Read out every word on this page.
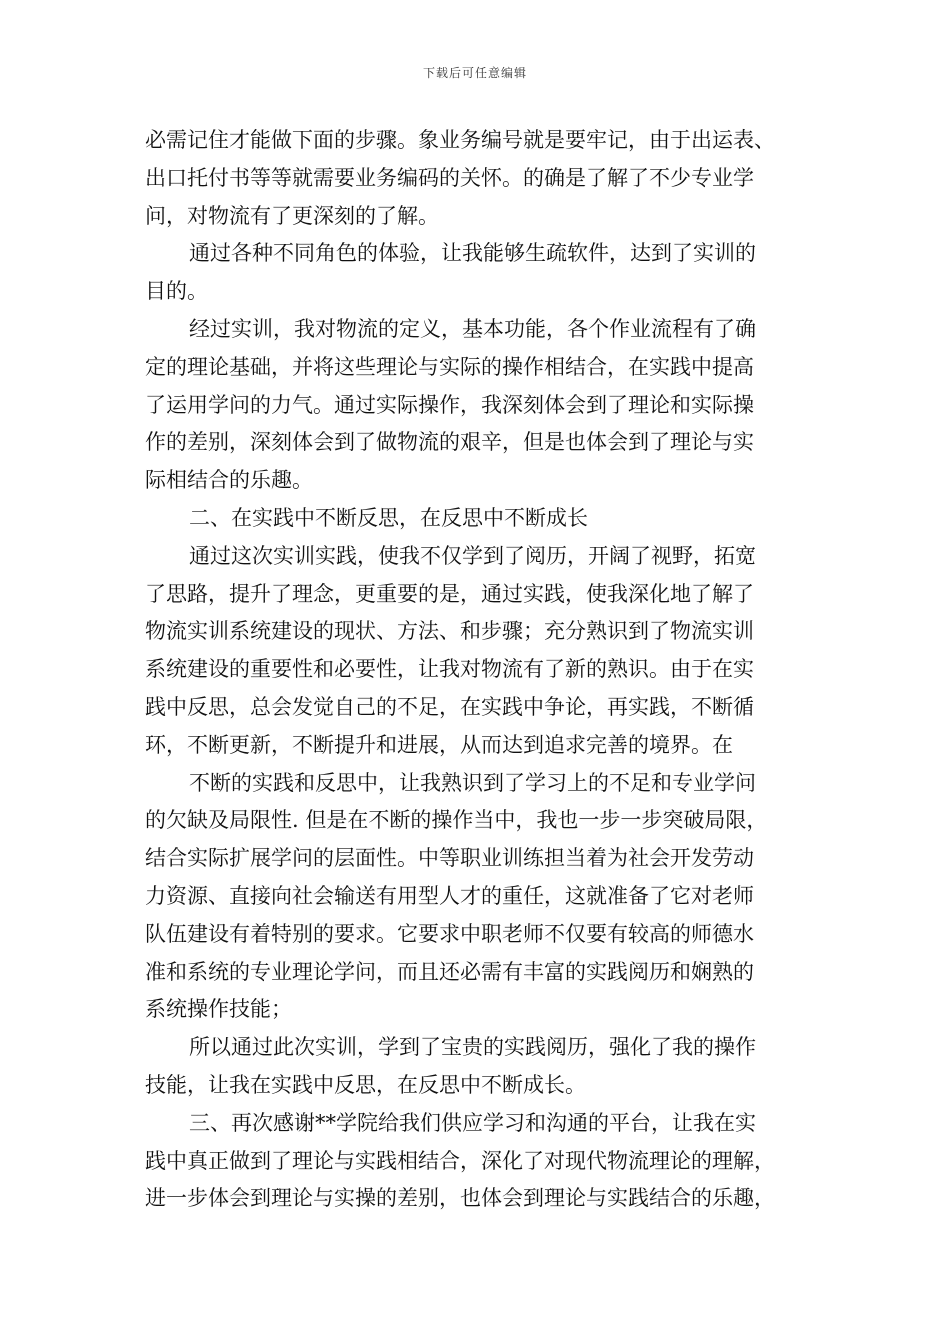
下载后可任意编辑
必需记住才能做下面的步骤。象业务编号就是要牢记，由于出运表、
出口托付书等等就需要业务编码的关怀。的确是了解了不少专业学
问，对物流有了更深刻的了解。
通过各种不同角色的体验，让我能够生疏软件，达到了实训的
目的。
经过实训，我对物流的定义，基本功能，各个作业流程有了确
定的理论基础，并将这些理论与实际的操作相结合，在实践中提高
了运用学问的力气。通过实际操作，我深刻体会到了理论和实际操
作的差别，深刻体会到了做物流的艰辛，但是也体会到了理论与实
际相结合的乐趣。
二、在实践中不断反思，在反思中不断成长
通过这次实训实践，使我不仅学到了阅历，开阔了视野，拓宽
了思路，提升了理念，更重要的是，通过实践，使我深化地了解了
物流实训系统建设的现状、方法、和步骤；充分熟识到了物流实训
系统建设的重要性和必要性，让我对物流有了新的熟识。由于在实
践中反思，总会发觉自己的不足，在实践中争论，再实践，不断循
环，不断更新，不断提升和进展，从而达到追求完善的境界。在
不断的实践和反思中，让我熟识到了学习上的不足和专业学问
的欠缺及局限性. 但是在不断的操作当中，我也一步一步突破局限，
结合实际扩展学问的层面性。中等职业训练担当着为社会开发劳动
力资源、直接向社会输送有用型人才的重任，这就准备了它对老师
队伍建设有着特别的要求。它要求中职老师不仅要有较高的师德水
准和系统的专业理论学问，而且还必需有丰富的实践阅历和娴熟的
系统操作技能；
所以通过此次实训，学到了宝贵的实践阅历，强化了我的操作
技能，让我在实践中反思，在反思中不断成长。
三、再次感谢**学院给我们供应学习和沟通的平台，让我在实
践中真正做到了理论与实践相结合，深化了对现代物流理论的理解，
进一步体会到理论与实操的差别，也体会到理论与实践结合的乐趣，
